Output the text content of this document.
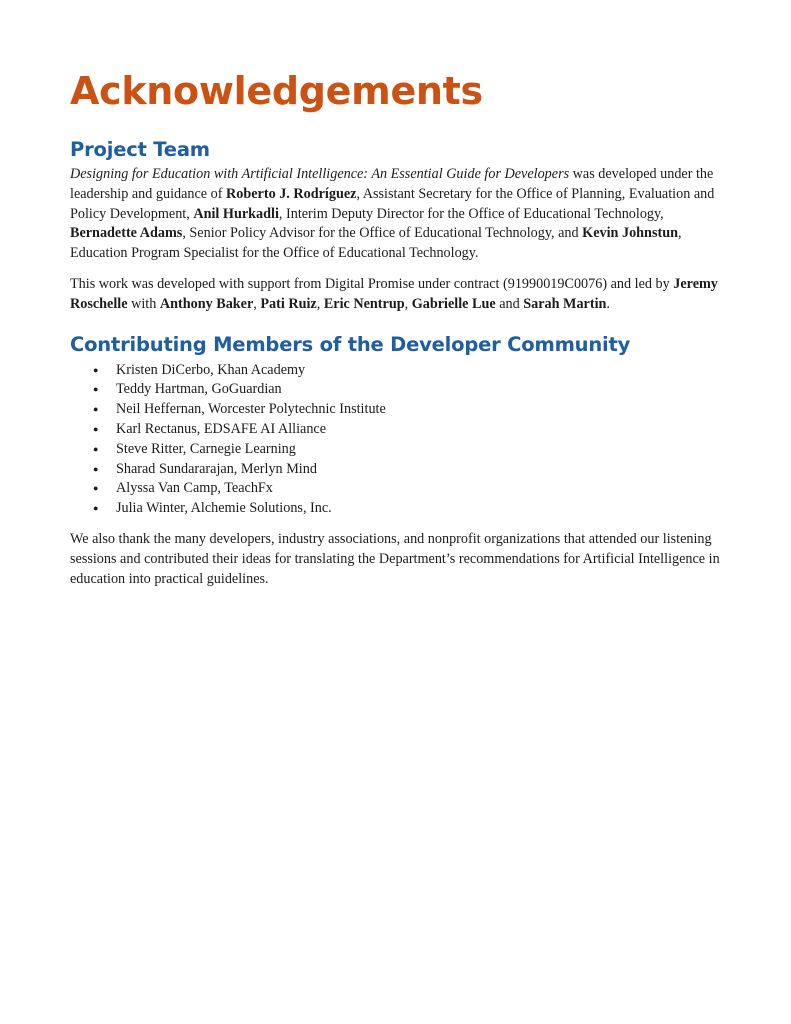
Acknowledgements
Project Team

Designing for Education with Artificial Intelligence: An Essential Guide for Developers was developed under the leadership and guidance of Roberto J. Rodríguez, Assistant Secretary for the Office of Planning, Evaluation and Policy Development, Anil Hurkadli, Interim Deputy Director for the Office of Educational Technology, Bernadette Adams, Senior Policy Advisor for the Office of Educational Technology, and Kevin Johnstun, Education Program Specialist for the Office of Educational Technology.

This work was developed with support from Digital Promise under contract (91990019C0076) and led by Jeremy Roschelle with Anthony Baker, Pati Ruiz, Eric Nentrup, Gabrielle Lue and Sarah Martin.

Contributing Members of the Developer Community
● Kristen DiCerbo, Khan Academy
● Teddy Hartman, GoGuardian
● Neil Heffernan, Worcester Polytechnic Institute
● Karl Rectanus, EDSAFE AI Alliance
● Steve Ritter, Carnegie Learning
● Sharad Sundararajan, Merlyn Mind
● Alyssa Van Camp, TeachFx
● Julia Winter, Alchemie Solutions, Inc.

We also thank the many developers, industry associations, and nonprofit organizations that attended our listening sessions and contributed their ideas for translating the Department’s recommendations for Artificial Intelligence in education into practical guidelines.
